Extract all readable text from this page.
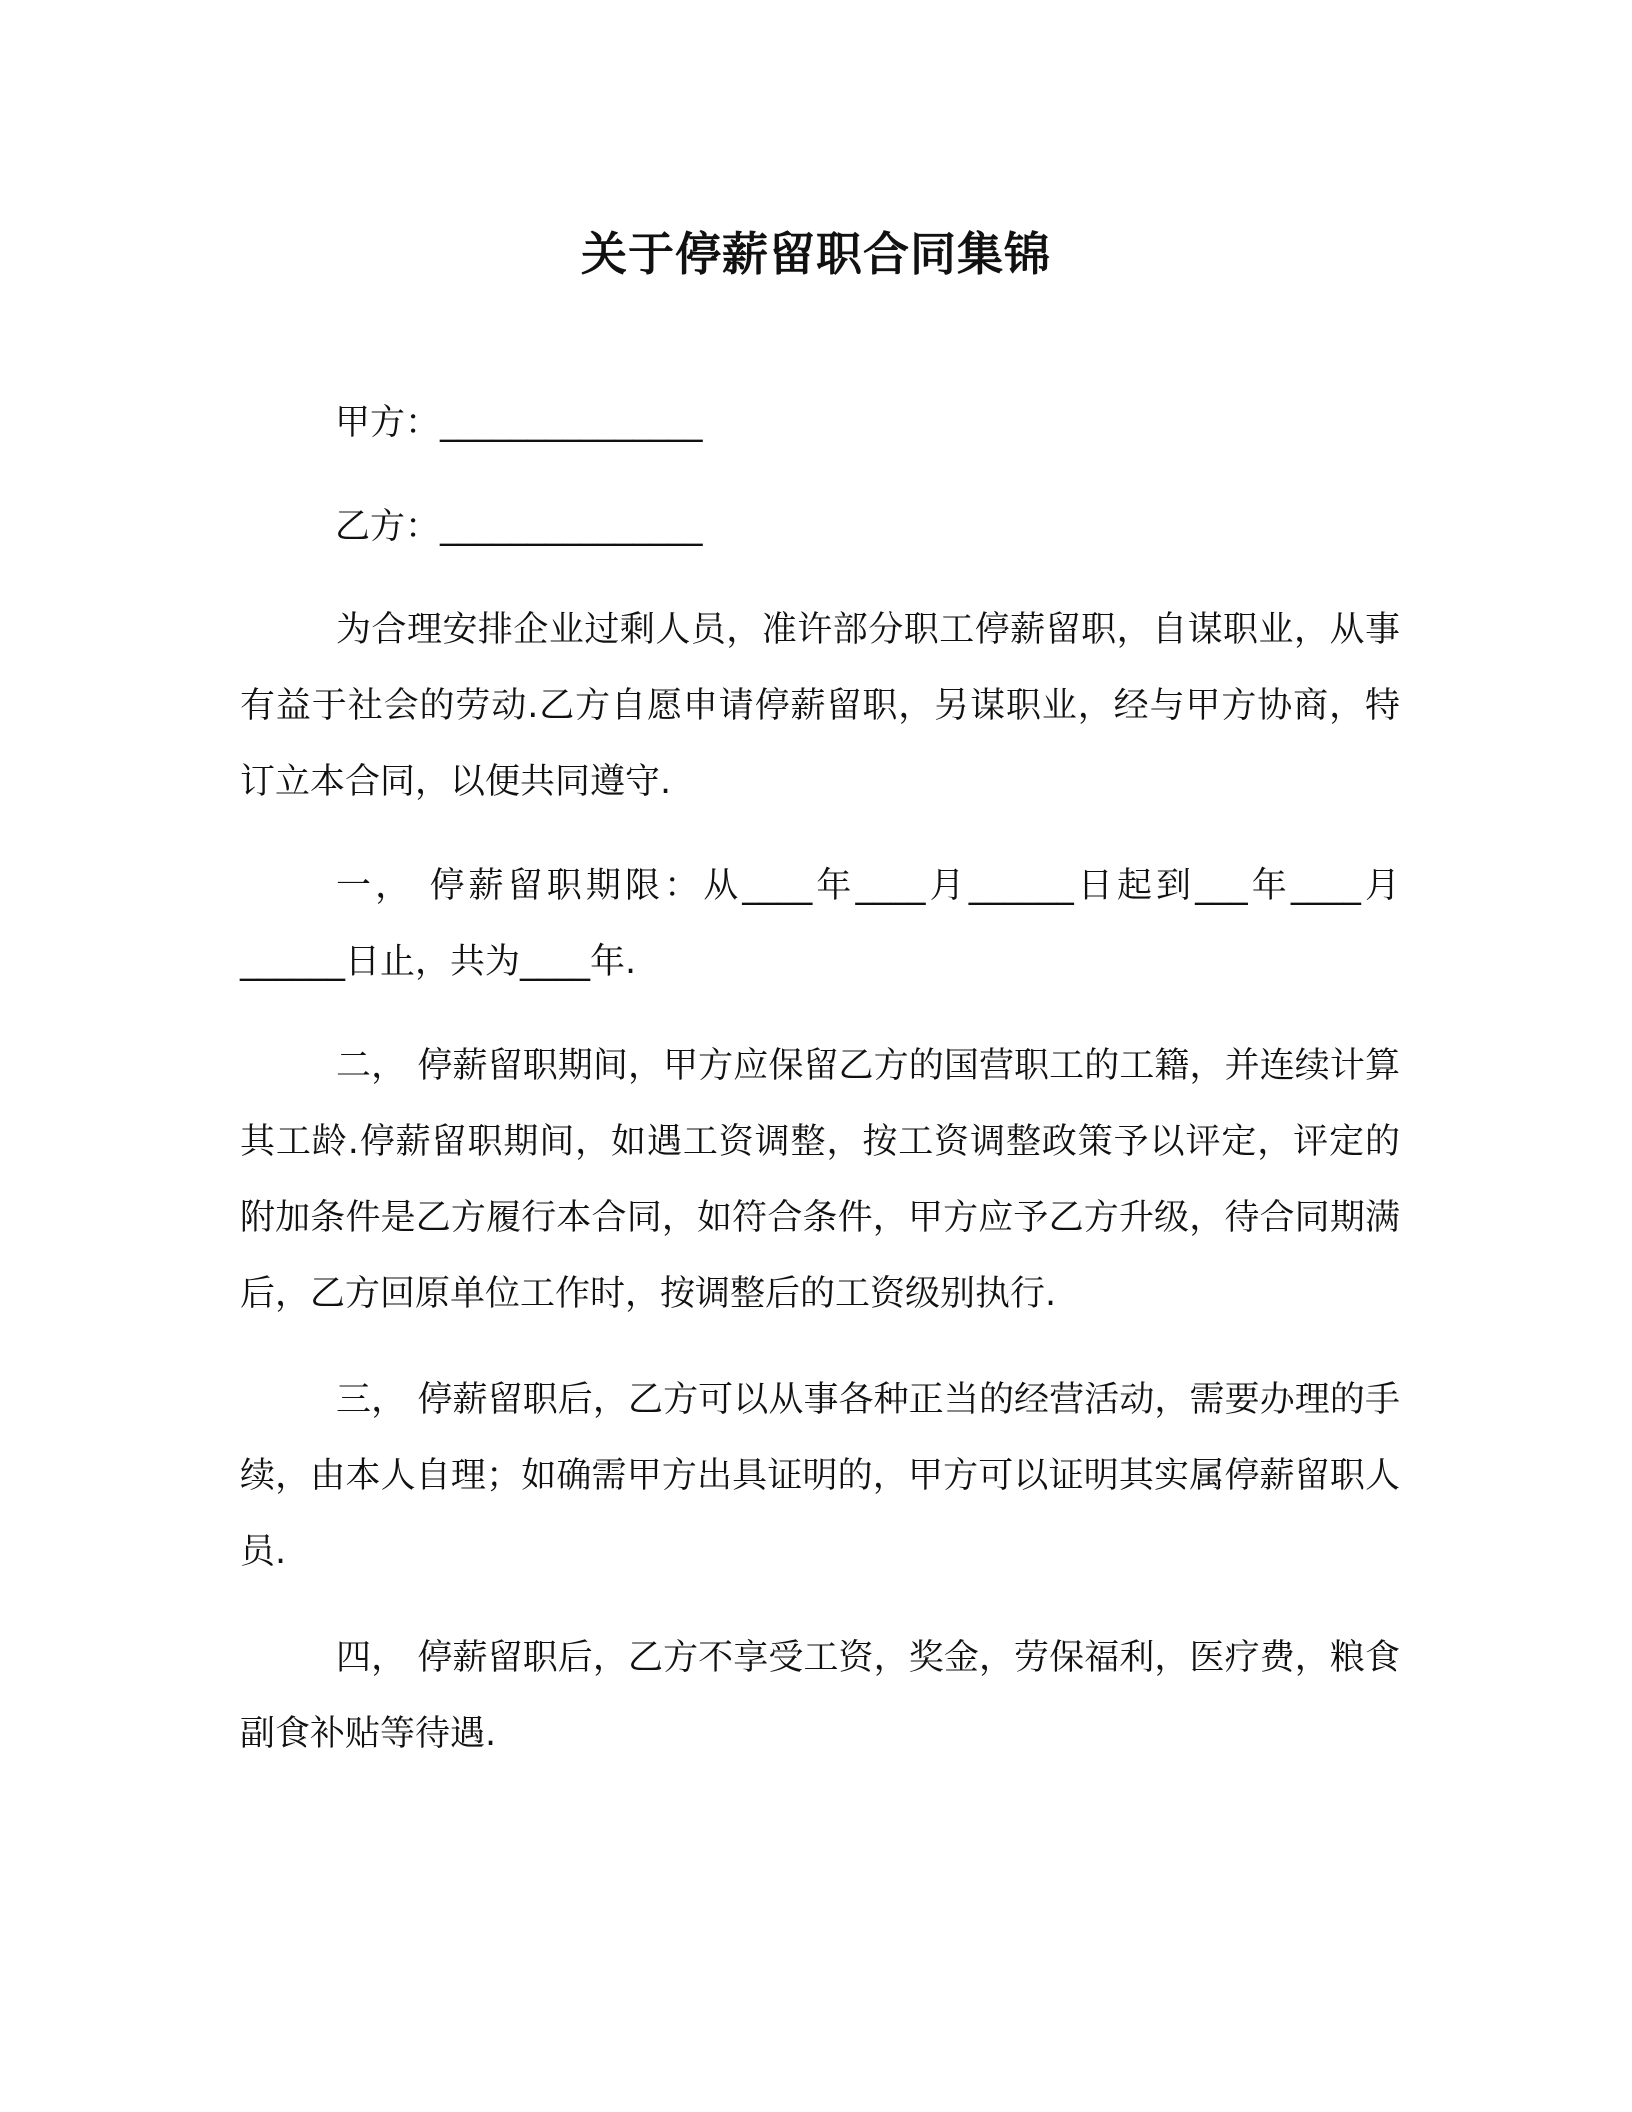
关于停薪留职合同集锦
甲方：_______________
乙方：_______________

为合理安排企业过剩人员，准许部分职工停薪留职，自谋职业，从事有益于社会的劳动.乙方自愿申请停薪留职，另谋职业，经与甲方协商，特订立本合同，以便共同遵守.

一， 停薪留职期限：从____年____月______日起到___年____月______日止，共为____年.

二， 停薪留职期间，甲方应保留乙方的国营职工的工籍，并连续计算其工龄.停薪留职期间，如遇工资调整，按工资调整政策予以评定，评定的附加条件是乙方履行本合同，如符合条件，甲方应予乙方升级，待合同期满后，乙方回原单位工作时，按调整后的工资级别执行.

三， 停薪留职后，乙方可以从事各种正当的经营活动，需要办理的手续，由本人自理；如确需甲方出具证明的，甲方可以证明其实属停薪留职人员.

四， 停薪留职后，乙方不享受工资，奖金，劳保福利，医疗费，粮食副食补贴等待遇.
